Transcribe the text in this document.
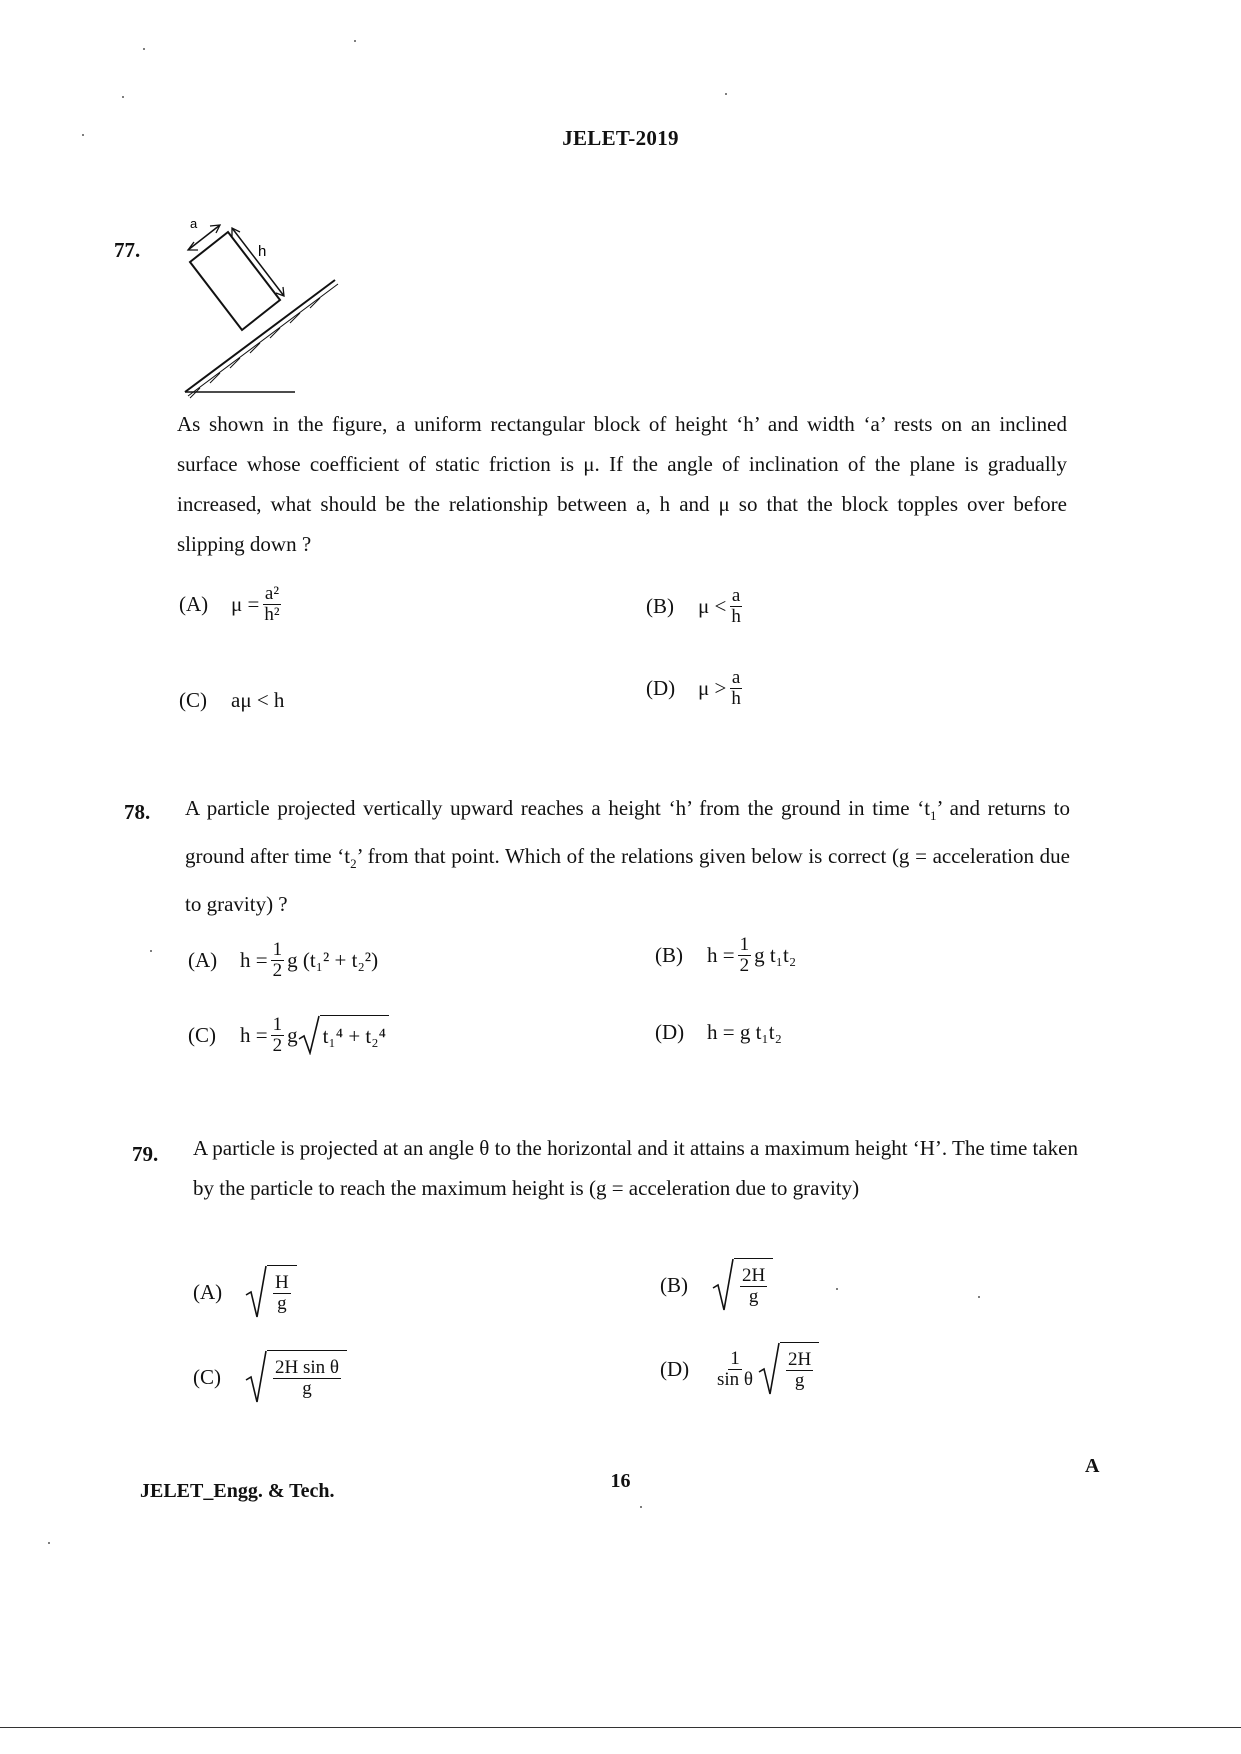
JELET-2019
77.
a
h
As shown in the figure, a uniform rectangular block of height ‘h’ and width ‘a’ rests on an inclined surface whose coefficient of static friction is μ. If the angle of inclination of the plane is gradually increased, what should be the relationship between a, h and μ so that the block topples over before slipping down ?
(A)	$\mu = \frac{\text{a²}}{\text{h²}}$	(B)	$\mu < \frac{a}{h}$
(C)	aμ < h
(D)	$\mu > \frac{a}{h}$
78. A particle projected vertically upward reaches a height ‘h’ from the ground in time ‘$t_1$’ and returns to ground after time ‘$t_2$’ from that point. Which of the relations given below is correct (g = acceleration due to gravity) ?
(A)	$h = \frac{1}{2}$ g (t₁² + t₂²)	(B)	$h = \frac{1}{2}$ g t₁t₂
(C)	$h = \frac{1}{2}$ g t₁⁴ + t₂⁴	(D)	h = g t₁t₂
79. A particle is projected at an angle θ to the horizontal and it attains a maximum height ‘H’. The time taken by the particle to reach the maximum height is (g = acceleration due to gravity)
(A)	$\frac{H}{g}$	(B)	$\frac{2H}{g}$
(C)	$\frac{\text{2H sin θ}}{g}$	(D)	$\frac{1}{\text{sin θ}} \frac{2H}{g}$
JELET_Engg. & Tech.	16
A
